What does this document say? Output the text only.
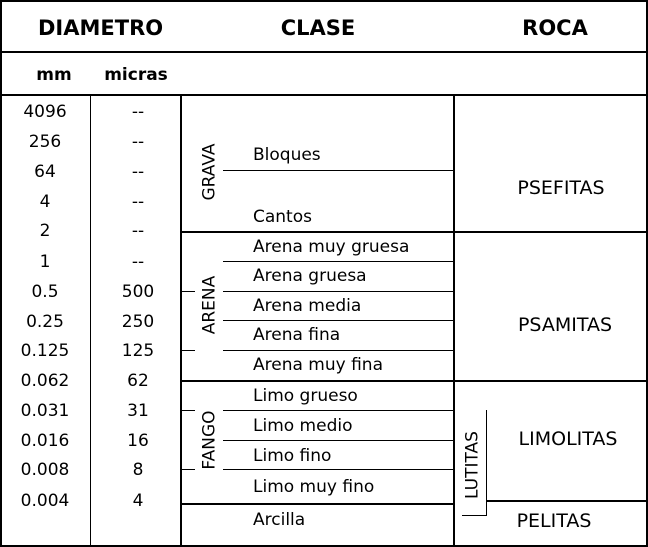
DIAMETRO	CLASE	ROCA
mm micras
4096
256
64
4
2
1
0.5
0.25
0.125
0.062
0.031
0.016
0.008
0.004
--
--
--
--
--
--
500
250
125
62
31
16
8
4
GRAVA Bloques
Cantos
ARENA
Arena muy gruesa
Arena gruesa
Arena media
Arena fina
Arena muy fina
FANGO
Limo grueso
Limo medio
Limo fino
Limo muy fino
Arcilla
LUTITAS
PSEFITAS
PSAMITAS
LIMOLITAS
PELITAS
